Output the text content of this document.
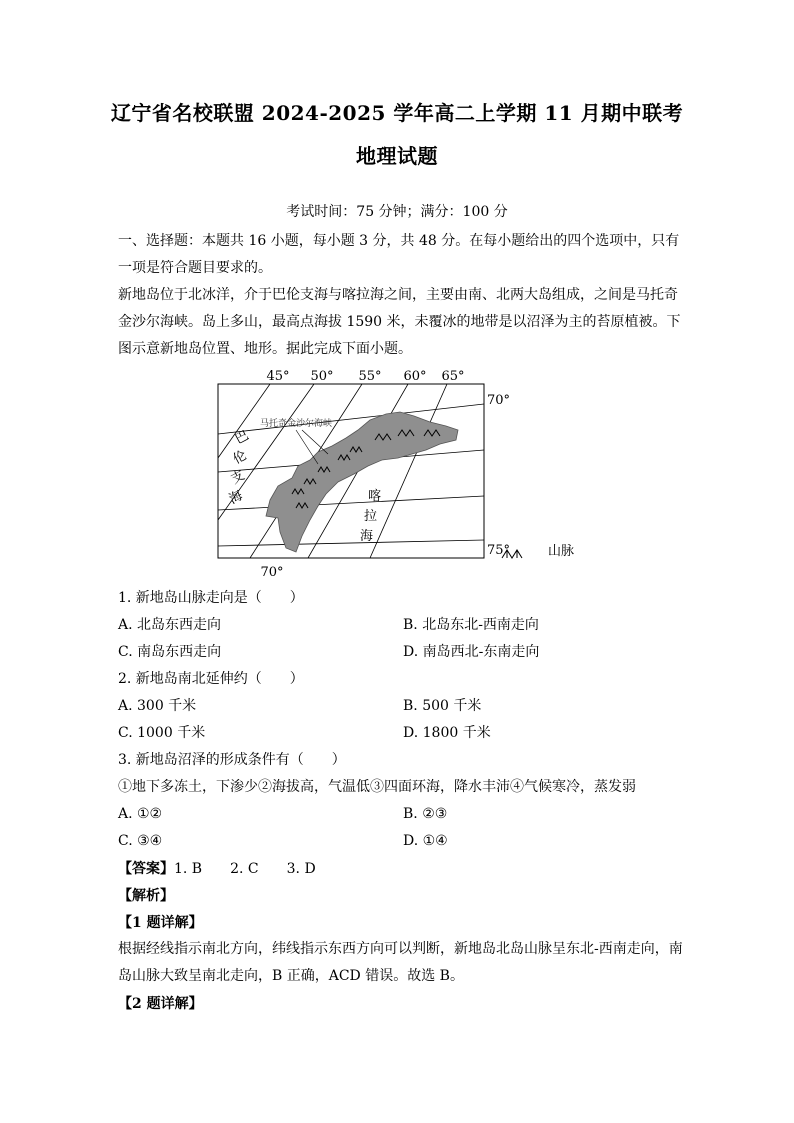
辽宁省名校联盟 2024-2025 学年高二上学期 11 月期中联考
地理试题
考试时间：75 分钟；满分：100 分

一、选择题：本题共 16 小题，每小题 3 分，共 48 分。在每小题给出的四个选项中，只有一项是符合题目要求的。

新地岛位于北冰洋，介于巴伦支海与喀拉海之间，主要由南、北两大岛组成，之间是马托奇金沙尔海峡。岛上多山，最高点海拔 1590 米，未覆冰的地带是以沼泽为主的苔原植被。下图示意新地岛位置、地形。据此完成下面小题。

45° 50° 55° 60° 65°
马托奇金沙尔海峡
巴
伦
支
海	喀
拉
海
70°
75°
70°
山脉
1. 新地岛山脉走向是（　　）
A. 北岛东西走向	B. 北岛东北-西南走向
C. 南岛东西走向	D. 南岛西北-东南走向
2. 新地岛南北延伸约（　　）
A. 300 千米	B. 500 千米
C. 1000 千米	D. 1800 千米
3. 新地岛沼泽的形成条件有（　　）
①地下多冻土，下渗少②海拔高，气温低③四面环海，降水丰沛④气候寒冷，蒸发弱
A. ①②	B. ②③
C. ③④	D. ①④
【答案】1. B 2. C 3. D
【解析】
【1 题详解】

根据经线指示南北方向，纬线指示东西方向可以判断，新地岛北岛山脉呈东北-西南走向，南岛山脉大致呈南北走向，B 正确，ACD 错误。故选 B。

【2 题详解】
